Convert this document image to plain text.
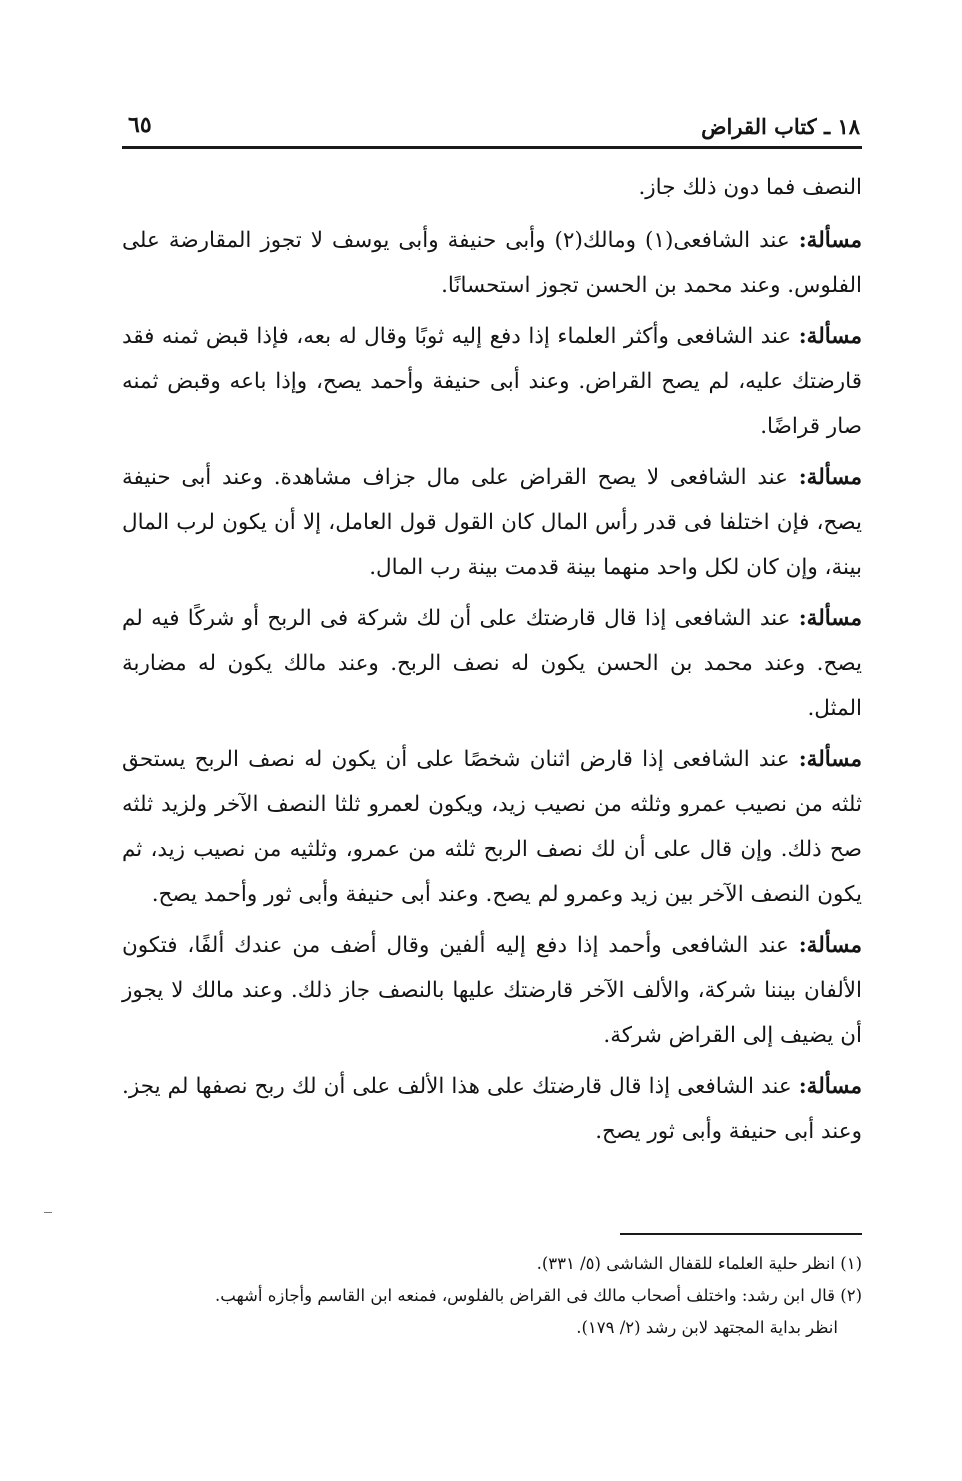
١٨ ـ كتاب القراض
٦٥

النصف فما دون ذلك جاز.

مسألة: عند الشافعى(١) ومالك(٢) وأبى حنيفة وأبى يوسف لا تجوز المقارضة على الفلوس. وعند محمد بن الحسن تجوز استحسانًا.

مسألة: عند الشافعى وأكثر العلماء إذا دفع إليه ثوبًا وقال له بعه، فإذا قبض ثمنه فقد قارضتك عليه، لم يصح القراض. وعند أبى حنيفة وأحمد يصح، وإذا باعه وقبض ثمنه صار قراضًا.

مسألة: عند الشافعى لا يصح القراض على مال جزاف مشاهدة. وعند أبى حنيفة يصح، فإن اختلفا فى قدر رأس المال كان القول قول العامل، إلا أن يكون لرب المال بينة، وإن كان لكل واحد منهما بينة قدمت بينة رب المال.

مسألة: عند الشافعى إذا قال قارضتك على أن لك شركة فى الربح أو شركًا فيه لم يصح. وعند محمد بن الحسن يكون له نصف الربح. وعند مالك يكون له مضاربة المثل.

مسألة: عند الشافعى إذا قارض اثنان شخصًا على أن يكون له نصف الربح يستحق ثلثه من نصيب عمرو وثلثه من نصيب زيد، ويكون لعمرو ثلثا النصف الآخر ولزيد ثلثه صح ذلك. وإن قال على أن لك نصف الربح ثلثه من عمرو، وثلثيه من نصيب زيد، ثم يكون النصف الآخر بين زيد وعمرو لم يصح. وعند أبى حنيفة وأبى ثور وأحمد يصح.

مسألة: عند الشافعى وأحمد إذا دفع إليه ألفين وقال أضف من عندك ألفًا، فتكون الألفان بيننا شركة، والألف الآخر قارضتك عليها بالنصف جاز ذلك. وعند مالك لا يجوز أن يضيف إلى القراض شركة.

مسألة: عند الشافعى إذا قال قارضتك على هذا الألف على أن لك ربح نصفها لم يجز. وعند أبى حنيفة وأبى ثور يصح.

(١) انظر حلية العلماء للقفال الشاشى (٥/ ٣٣١).

(٢) قال ابن رشد: واختلف أصحاب مالك فى القراض بالفلوس، فمنعه ابن القاسم وأجازه أشهب.

انظر بداية المجتهد لابن رشد (٢/ ١٧٩).
